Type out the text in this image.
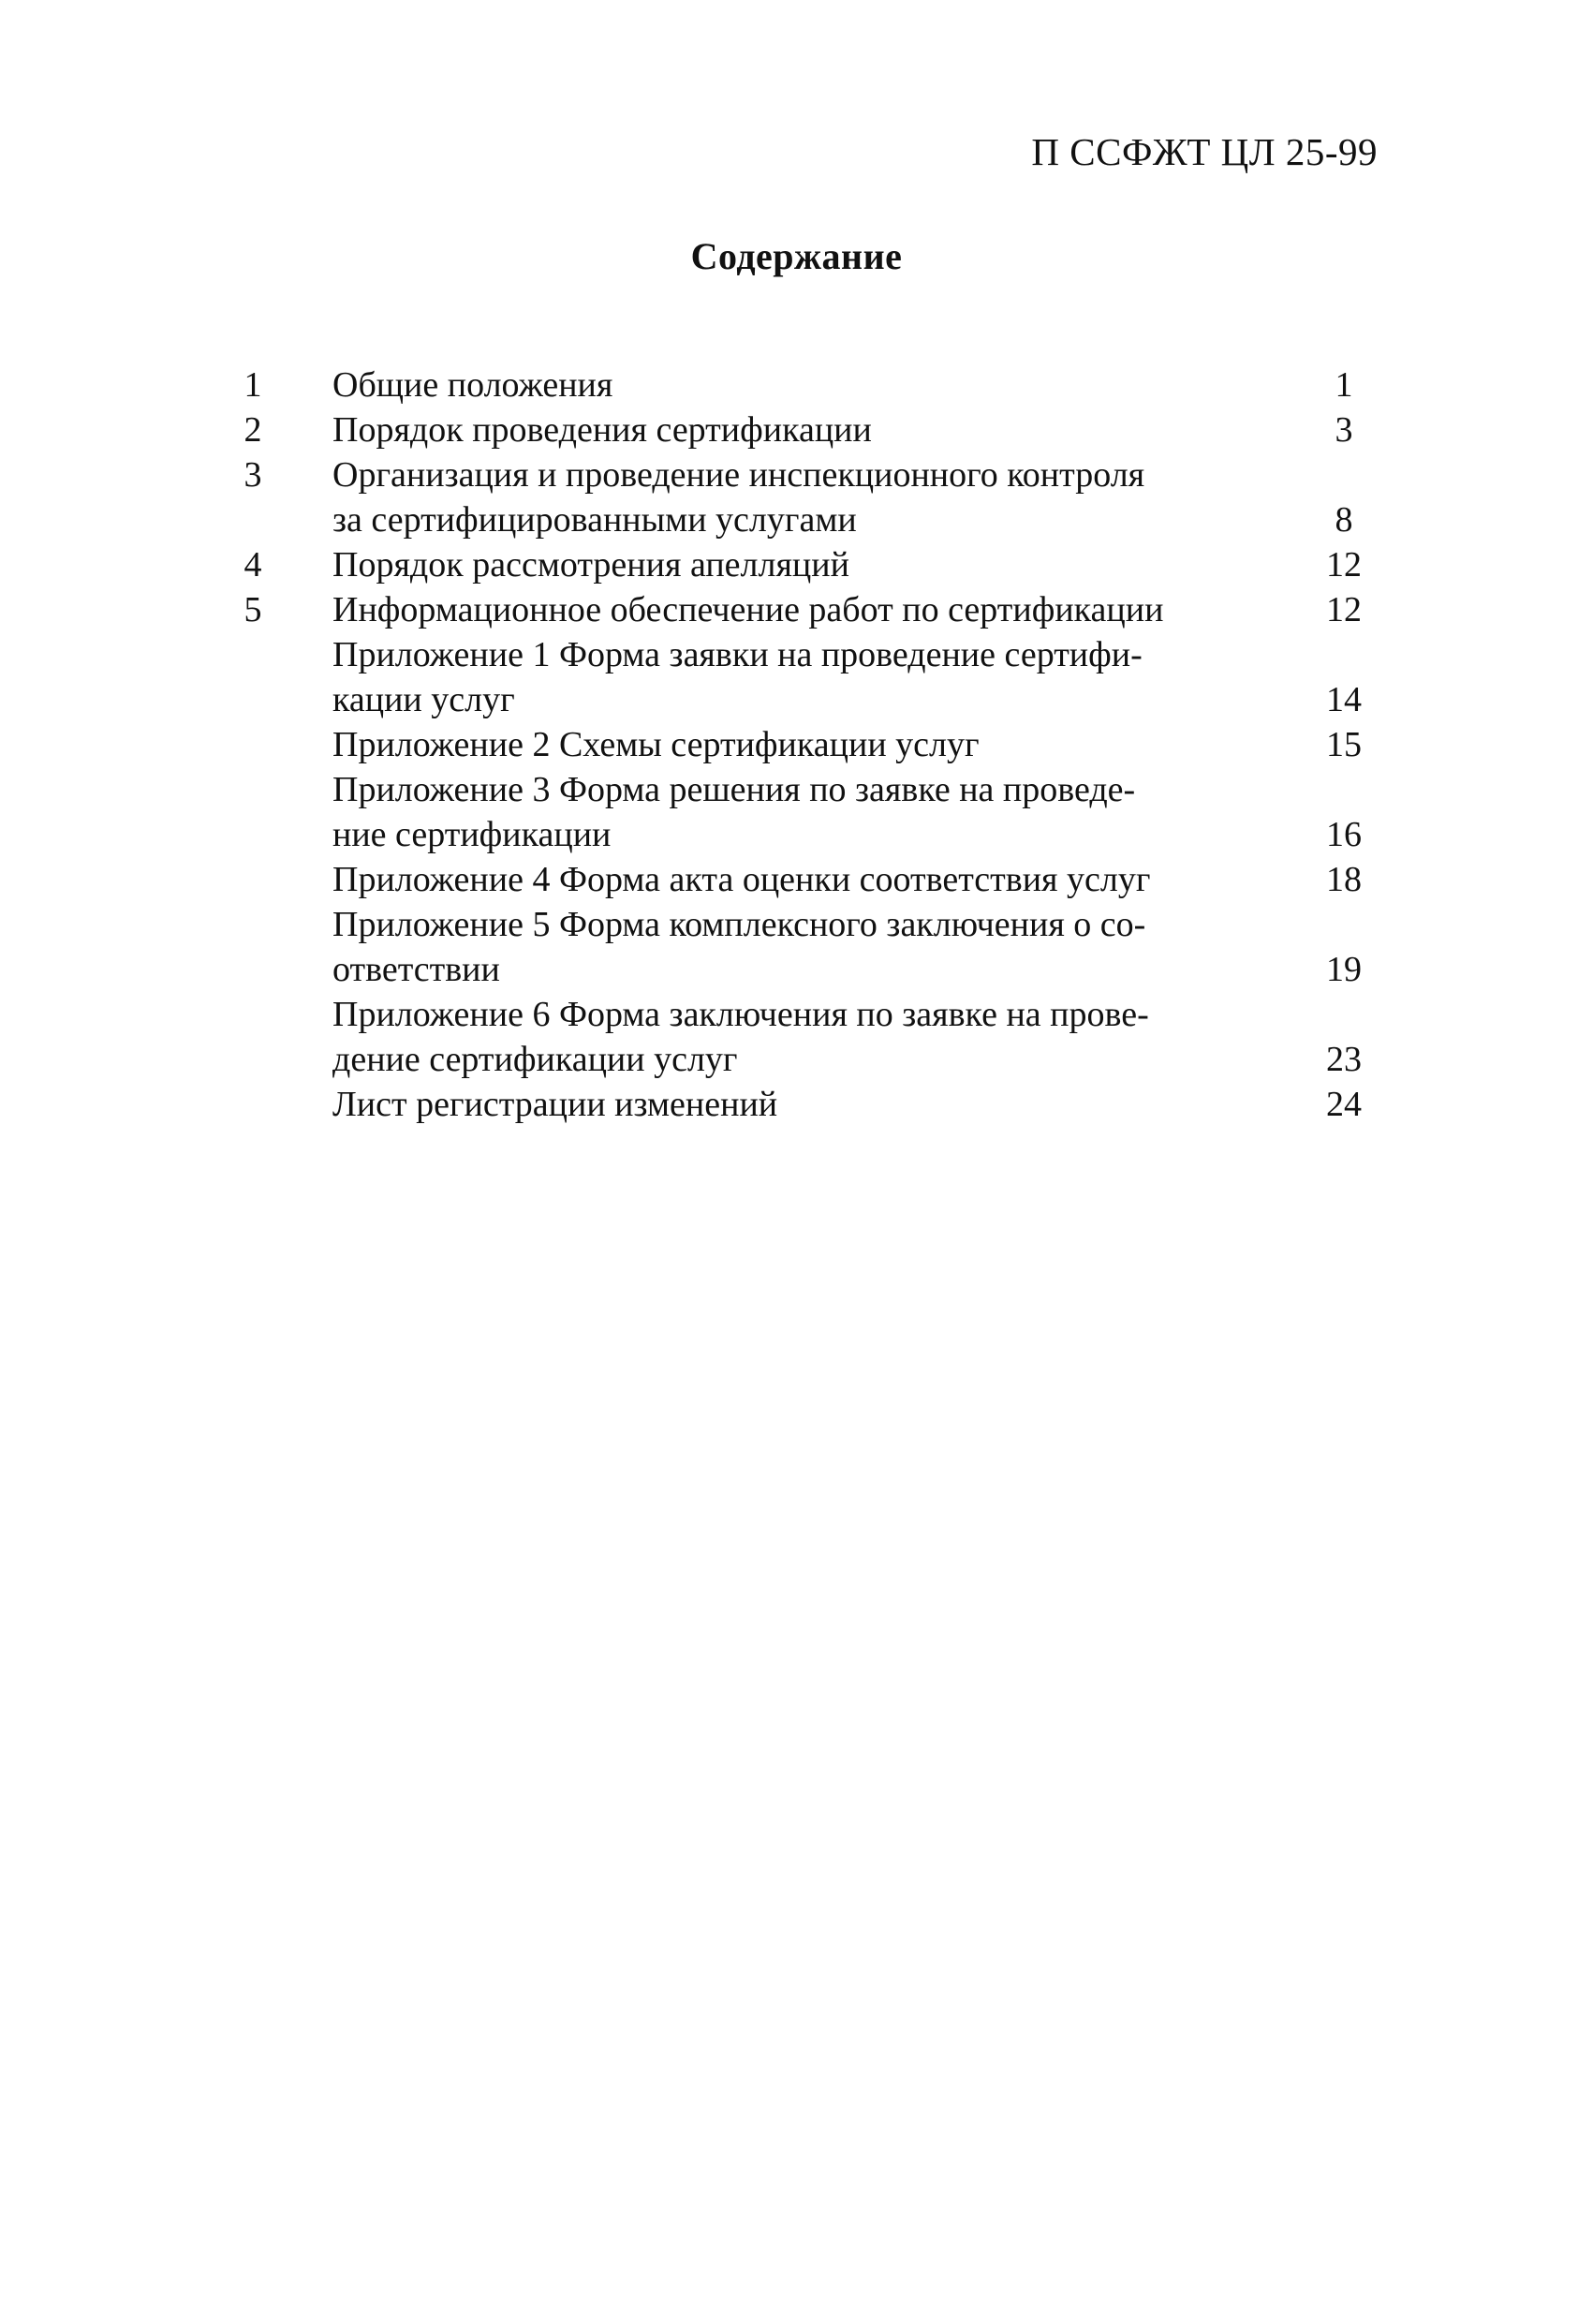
П ССФЖТ ЦЛ 25-99
Содержание
1 Общие положения	1
2 Порядок проведения сертификации	3
3 Организация и проведение инспекционного контроля
за сертифицированными услугами	8
4 Порядок рассмотрения апелляций	12
5 Информационное обеспечение работ по сертификации	12
Приложение 1 Форма заявки на проведение сертифи-
кации услуг	14
Приложение 2 Схемы сертификации услуг	15
Приложение 3 Форма решения по заявке на проведе-
ние сертификации	16
Приложение 4 Форма акта оценки соответствия услуг	18
Приложение 5 Форма комплексного заключения о со-
ответствии	19
Приложение 6 Форма заключения по заявке на прове-
дение сертификации услуг	23
Лист регистрации изменений	24
